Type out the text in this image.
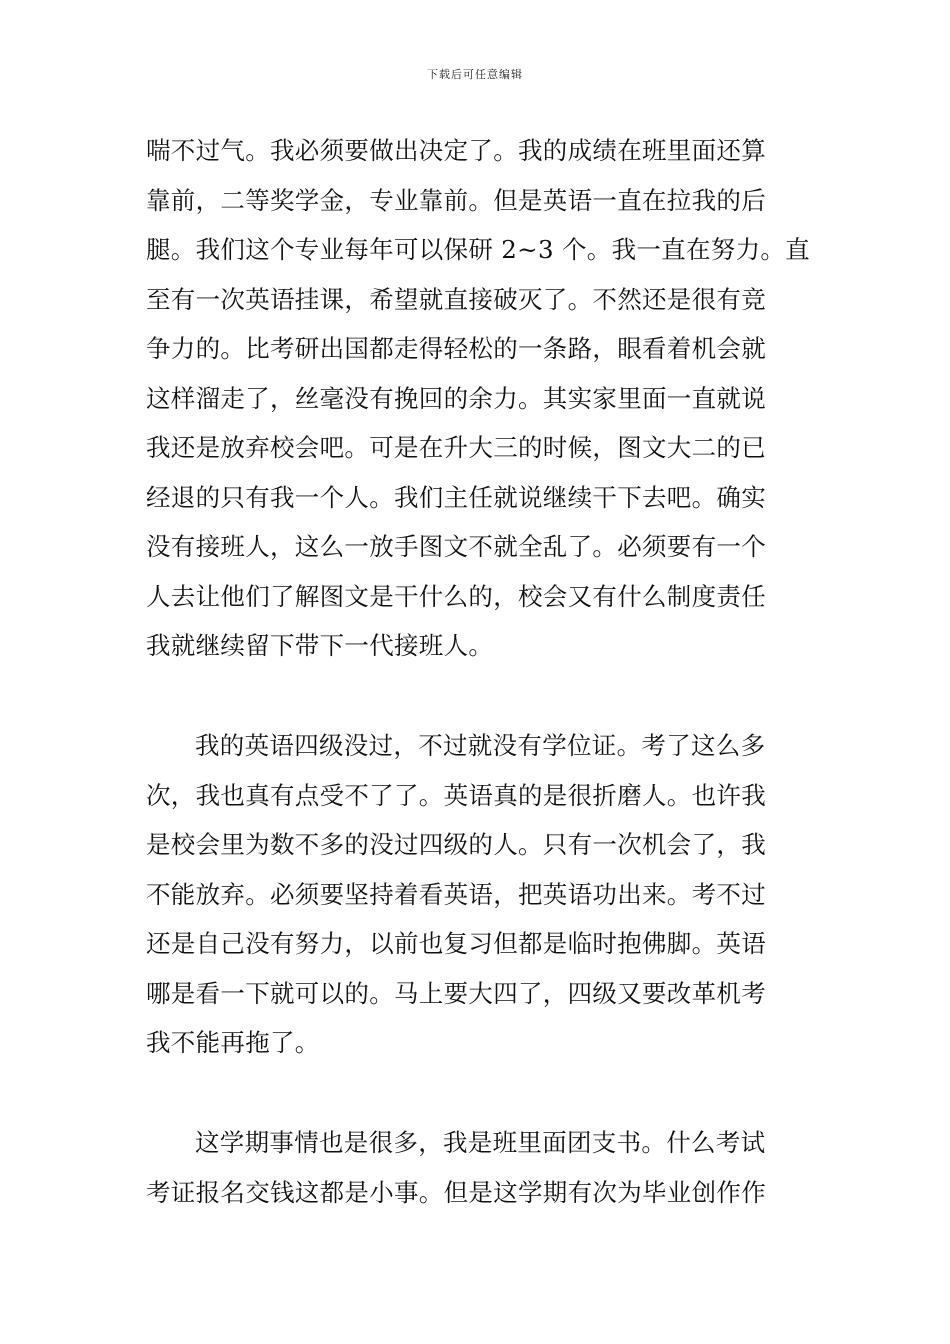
下载后可任意编辑
喘不过气。我必须要做出决定了。我的成绩在班里面还算
靠前，二等奖学金，专业靠前。但是英语一直在拉我的后
腿。我们这个专业每年可以保研 2~3 个。我一直在努力。直
至有一次英语挂课，希望就直接破灭了。不然还是很有竞
争力的。比考研出国都走得轻松的一条路，眼看着机会就
这样溜走了，丝毫没有挽回的余力。其实家里面一直就说
我还是放弃校会吧。可是在升大三的时候，图文大二的已
经退的只有我一个人。我们主任就说继续干下去吧。确实
没有接班人，这么一放手图文不就全乱了。必须要有一个
人去让他们了解图文是干什么的，校会又有什么制度责任
我就继续留下带下一代接班人。
我的英语四级没过，不过就没有学位证。考了这么多
次，我也真有点受不了了。英语真的是很折磨人。也许我
是校会里为数不多的没过四级的人。只有一次机会了，我
不能放弃。必须要坚持着看英语，把英语功出来。考不过
还是自己没有努力，以前也复习但都是临时抱佛脚。英语
哪是看一下就可以的。马上要大四了，四级又要改革机考
我不能再拖了。
这学期事情也是很多，我是班里面团支书。什么考试
考证报名交钱这都是小事。但是这学期有次为毕业创作作
